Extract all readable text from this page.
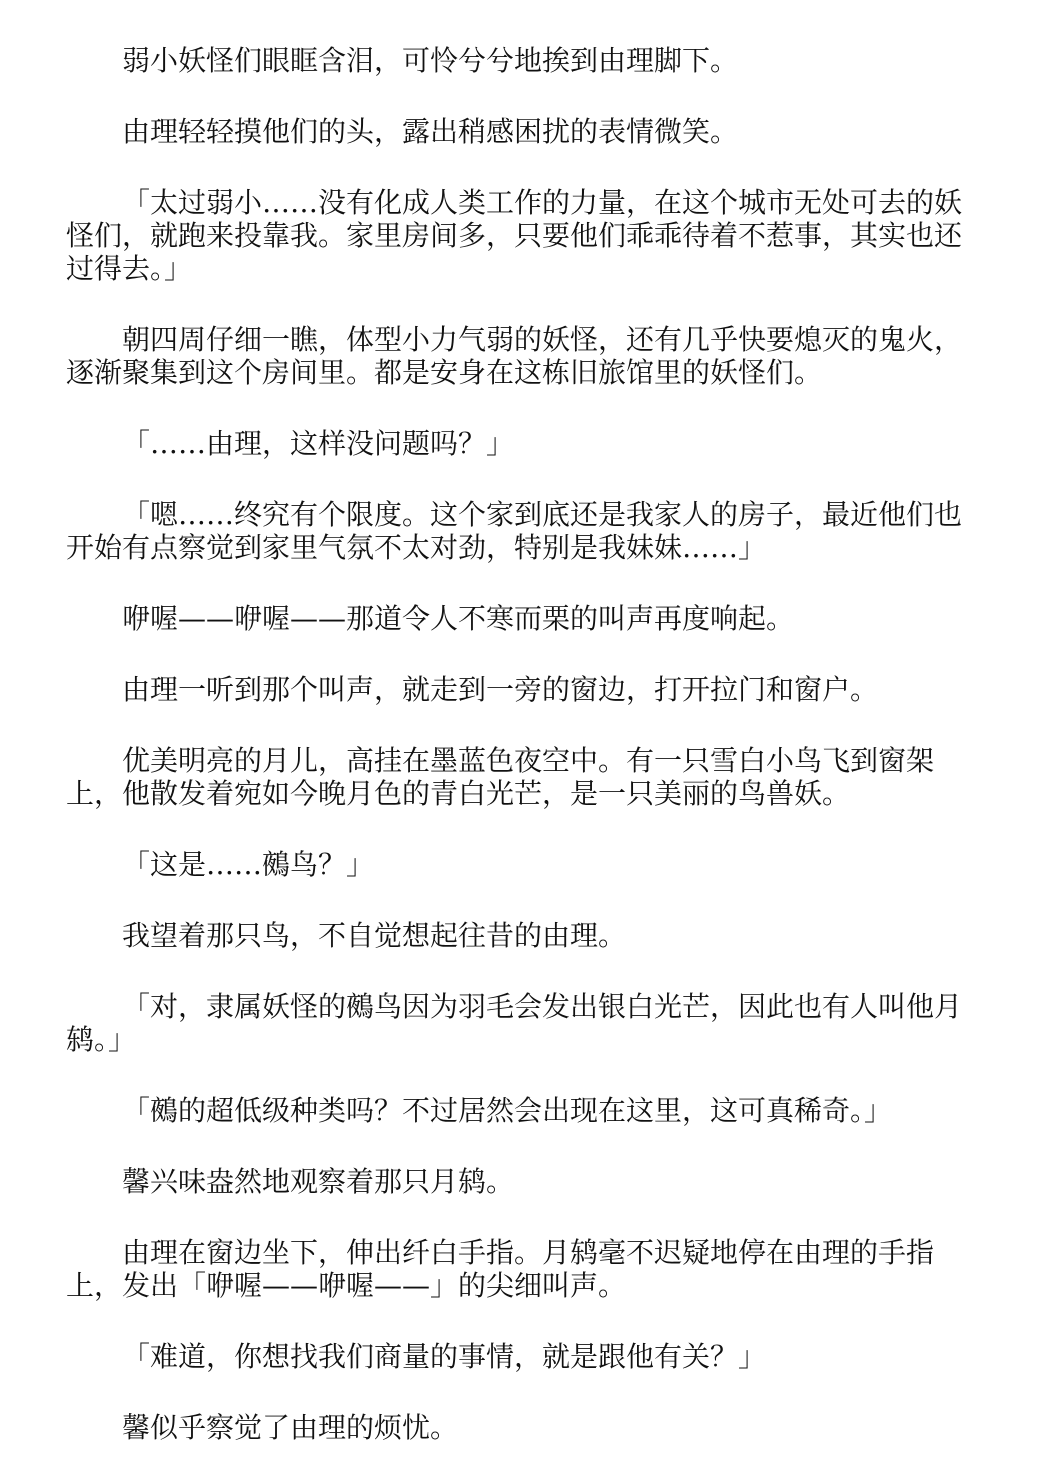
弱小妖怪们眼眶含泪，可怜兮兮地挨到由理脚下。

由理轻轻摸他们的头，露出稍感困扰的表情微笑。

「太过弱小……没有化成人类工作的力量，在这个城市无处可去的妖怪们，就跑来投靠我。家里房间多，只要他们乖乖待着不惹事，其实也还过得去。」

朝四周仔细一瞧，体型小力气弱的妖怪，还有几乎快要熄灭的鬼火，逐渐聚集到这个房间里。都是安身在这栋旧旅馆里的妖怪们。

「……由理，这样没问题吗？」

「嗯……终究有个限度。这个家到底还是我家人的房子，最近他们也开始有点察觉到家里气氛不太对劲，特别是我妹妹……」

咿喔——咿喔——那道令人不寒而栗的叫声再度响起。

由理一听到那个叫声，就走到一旁的窗边，打开拉门和窗户。

优美明亮的月儿，高挂在墨蓝色夜空中。有一只雪白小鸟飞到窗架上，他散发着宛如今晚月色的青白光芒，是一只美丽的鸟兽妖。

「这是……鵺鸟？」

我望着那只鸟，不自觉想起往昔的由理。

「对，隶属妖怪的鵺鸟因为羽毛会发出银白光芒，因此也有人叫他月鸫。」

「鵺的超低级种类吗？不过居然会出现在这里，这可真稀奇。」

馨兴味盎然地观察着那只月鸫。

由理在窗边坐下，伸出纤白手指。月鸫毫不迟疑地停在由理的手指上，发出「咿喔——咿喔——」的尖细叫声。

「难道，你想找我们商量的事情，就是跟他有关？」

馨似乎察觉了由理的烦忧。
